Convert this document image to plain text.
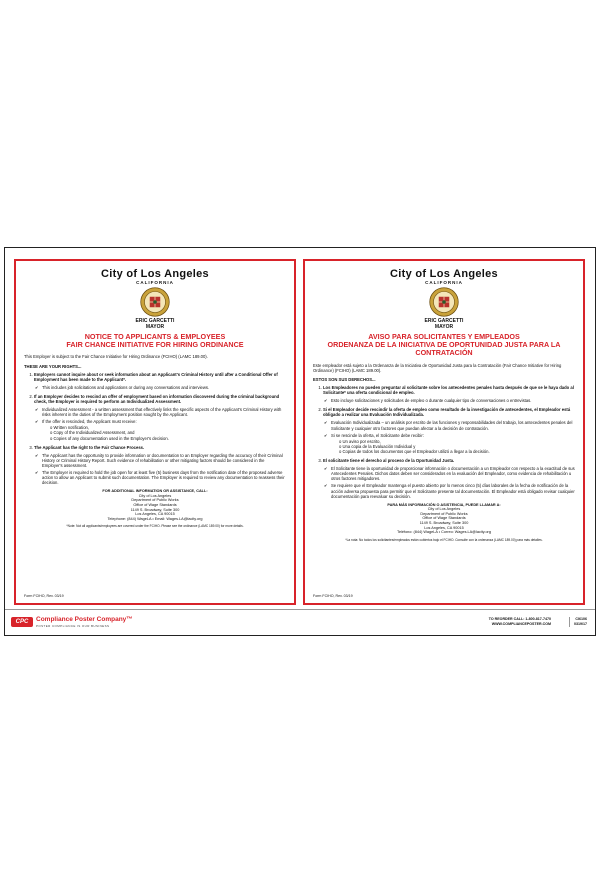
City of Los Angeles
CALIFORNIA
ERIC GARCETTI
MAYOR
NOTICE TO APPLICANTS & EMPLOYEES
FAIR CHANCE INITIATIVE FOR HIRING ORDINANCE
This Employer is subject to the Fair Chance Initiative for Hiring Ordinance (FCIHO) (LAMC 189.00).
THESE ARE YOUR RIGHTS...
1. Employers cannot inquire about or seek information about an Applicant's Criminal History until after a Conditional Offer of Employment has been made to the Applicant*.
✔ This includes job solicitations and applications or during any conversations and interviews.
2. If an Employer decides to rescind an offer of employment based on information discovered during the criminal background check, the Employer is required to perform an Individualized Assessment.
✔ Individualized Assessment - a written assessment that effectively links the specific aspects of the Applicant's Criminal History with risks inherent in the duties of the Employment position sought by the Applicant.
✔ If the offer is rescinded, the Applicant must receive:
o Written notification,
o Copy of the Individualized Assessment, and
o Copies of any documentation used in the Employer's decision.
3. The Applicant has the right to the Fair Chance Process.
✔ The Applicant has the opportunity to provide information or documentation to an Employer regarding the accuracy of their Criminal History or Criminal History Report. Such evidence of rehabilitation or other mitigating factors should be considered in the Employer's assessment.
✔ The Employer is required to hold the job open for at least five (5) business days from the notification date of the proposed adverse action to allow an Applicant to submit such documentation. The Employer is required to review any documentation to reassess their decision.
FOR ADDITIONAL INFORMATION OR ASSISTANCE, CALL:
City of Los Angeles
Department of Public Works
Office of Wage Standards
1149 S. Broadway, Suite 300
Los Angeles, CA 90015
Telephone: (844) WageLA • Email: Wages.LA@lacity.org
*Note: Not all applicants/employees are covered under the FCIHO. Please see the ordinance (LAMC 189.00) for more details.
Form FCIHO, Rev. 03/19
City of Los Angeles
CALIFORNIA
ERIC GARCETTI
MAYOR
AVISO PARA SOLICITANTES Y EMPLEADOS
ORDENANZA DE LA INICIATIVA DE OPORTUNIDAD JUSTA PARA LA CONTRATACIÓN
Este empleador está sujeto a la Ordenanza de la Iniciativa de Oportunidad Justa para la Contratación (Fair Chance Initiative for Hiring Ordinance) (FCIHO) (LAMC 189.00).
ESTOS SON SUS DERECHOS...
1. Los Empleadores no pueden preguntar al solicitante sobre los antecedentes penales hasta después de que se le haya dado al Solicitante* una oferta condicional de empleo.
✔ Esto incluye solicitaciones y solicitudes de empleo o durante cualquier tipo de conversaciones o entrevistas.
2. Si el Empleador decide rescindir la oferta de empleo como resultado de la investigación de antecedentes, el Empleador está obligado a realizar una Evaluación Individualizada.
✔ Evaluación Individualizada – un análisis por escrito de las funciones y responsabilidades del trabajo, los antecedentes penales del Solicitante y cualquier otro factores que puedan afectar a la decisión de contratación.
✔ Si se rescinde la oferta, el Solicitante debe recibir:
o Un aviso por escrito,
o Una copia de la Evaluación Individual y
o Copias de todos los documentos que el Empleador utilizó a llegar a la decisión.
3. El solicitante tiene el derecho al proceso de la Oportunidad Justa.
✔ El Solicitante tiene la oportunidad de proporcionar información o documentación a un Empleador con respecto a la exactitud de sus Antecedentes Penales. Dichos datos deben ser considerados en la evaluación del Empleador, como evidencia de rehabilitación u otros factores mitigadores.
✔ Se requiere que el Empleador mantenga el puesto abierto por lo menos cinco (5) días laborales de la fecha de notificación de la acción adversa propuesta para permitir que el Solicitante presente tal documentación. El Empleador está obligado revisar cualquier documentación para reevaluar su decisión.
PARA MÁS INFORMACIÓN O ASISTENCIA, PUEDE LLAMAR A:
City of Los Angeles
Department of Public Works
Office of Wage Standards
1149 S. Broadway, Suite 300
Los Angeles, CA 90015
Teléfono: (844) WageLA • Correo: Wages.LA@lacity.org
*La nota: No todos los solicitantes/empleados están cubiertos bajo el FCIHO. Consulte con la ordenanza (LAMC 189.00) para más detalles.
Form FCIHO, Rev. 03/19
CPC	Compliance Poster Company™
POSTER COMPLIANCE IS OUR BUSINESS
TO REORDER CALL: 1-800-817-7470
WWW.COMPLIANCEPOSTER.COM
CI6106
0319/17
